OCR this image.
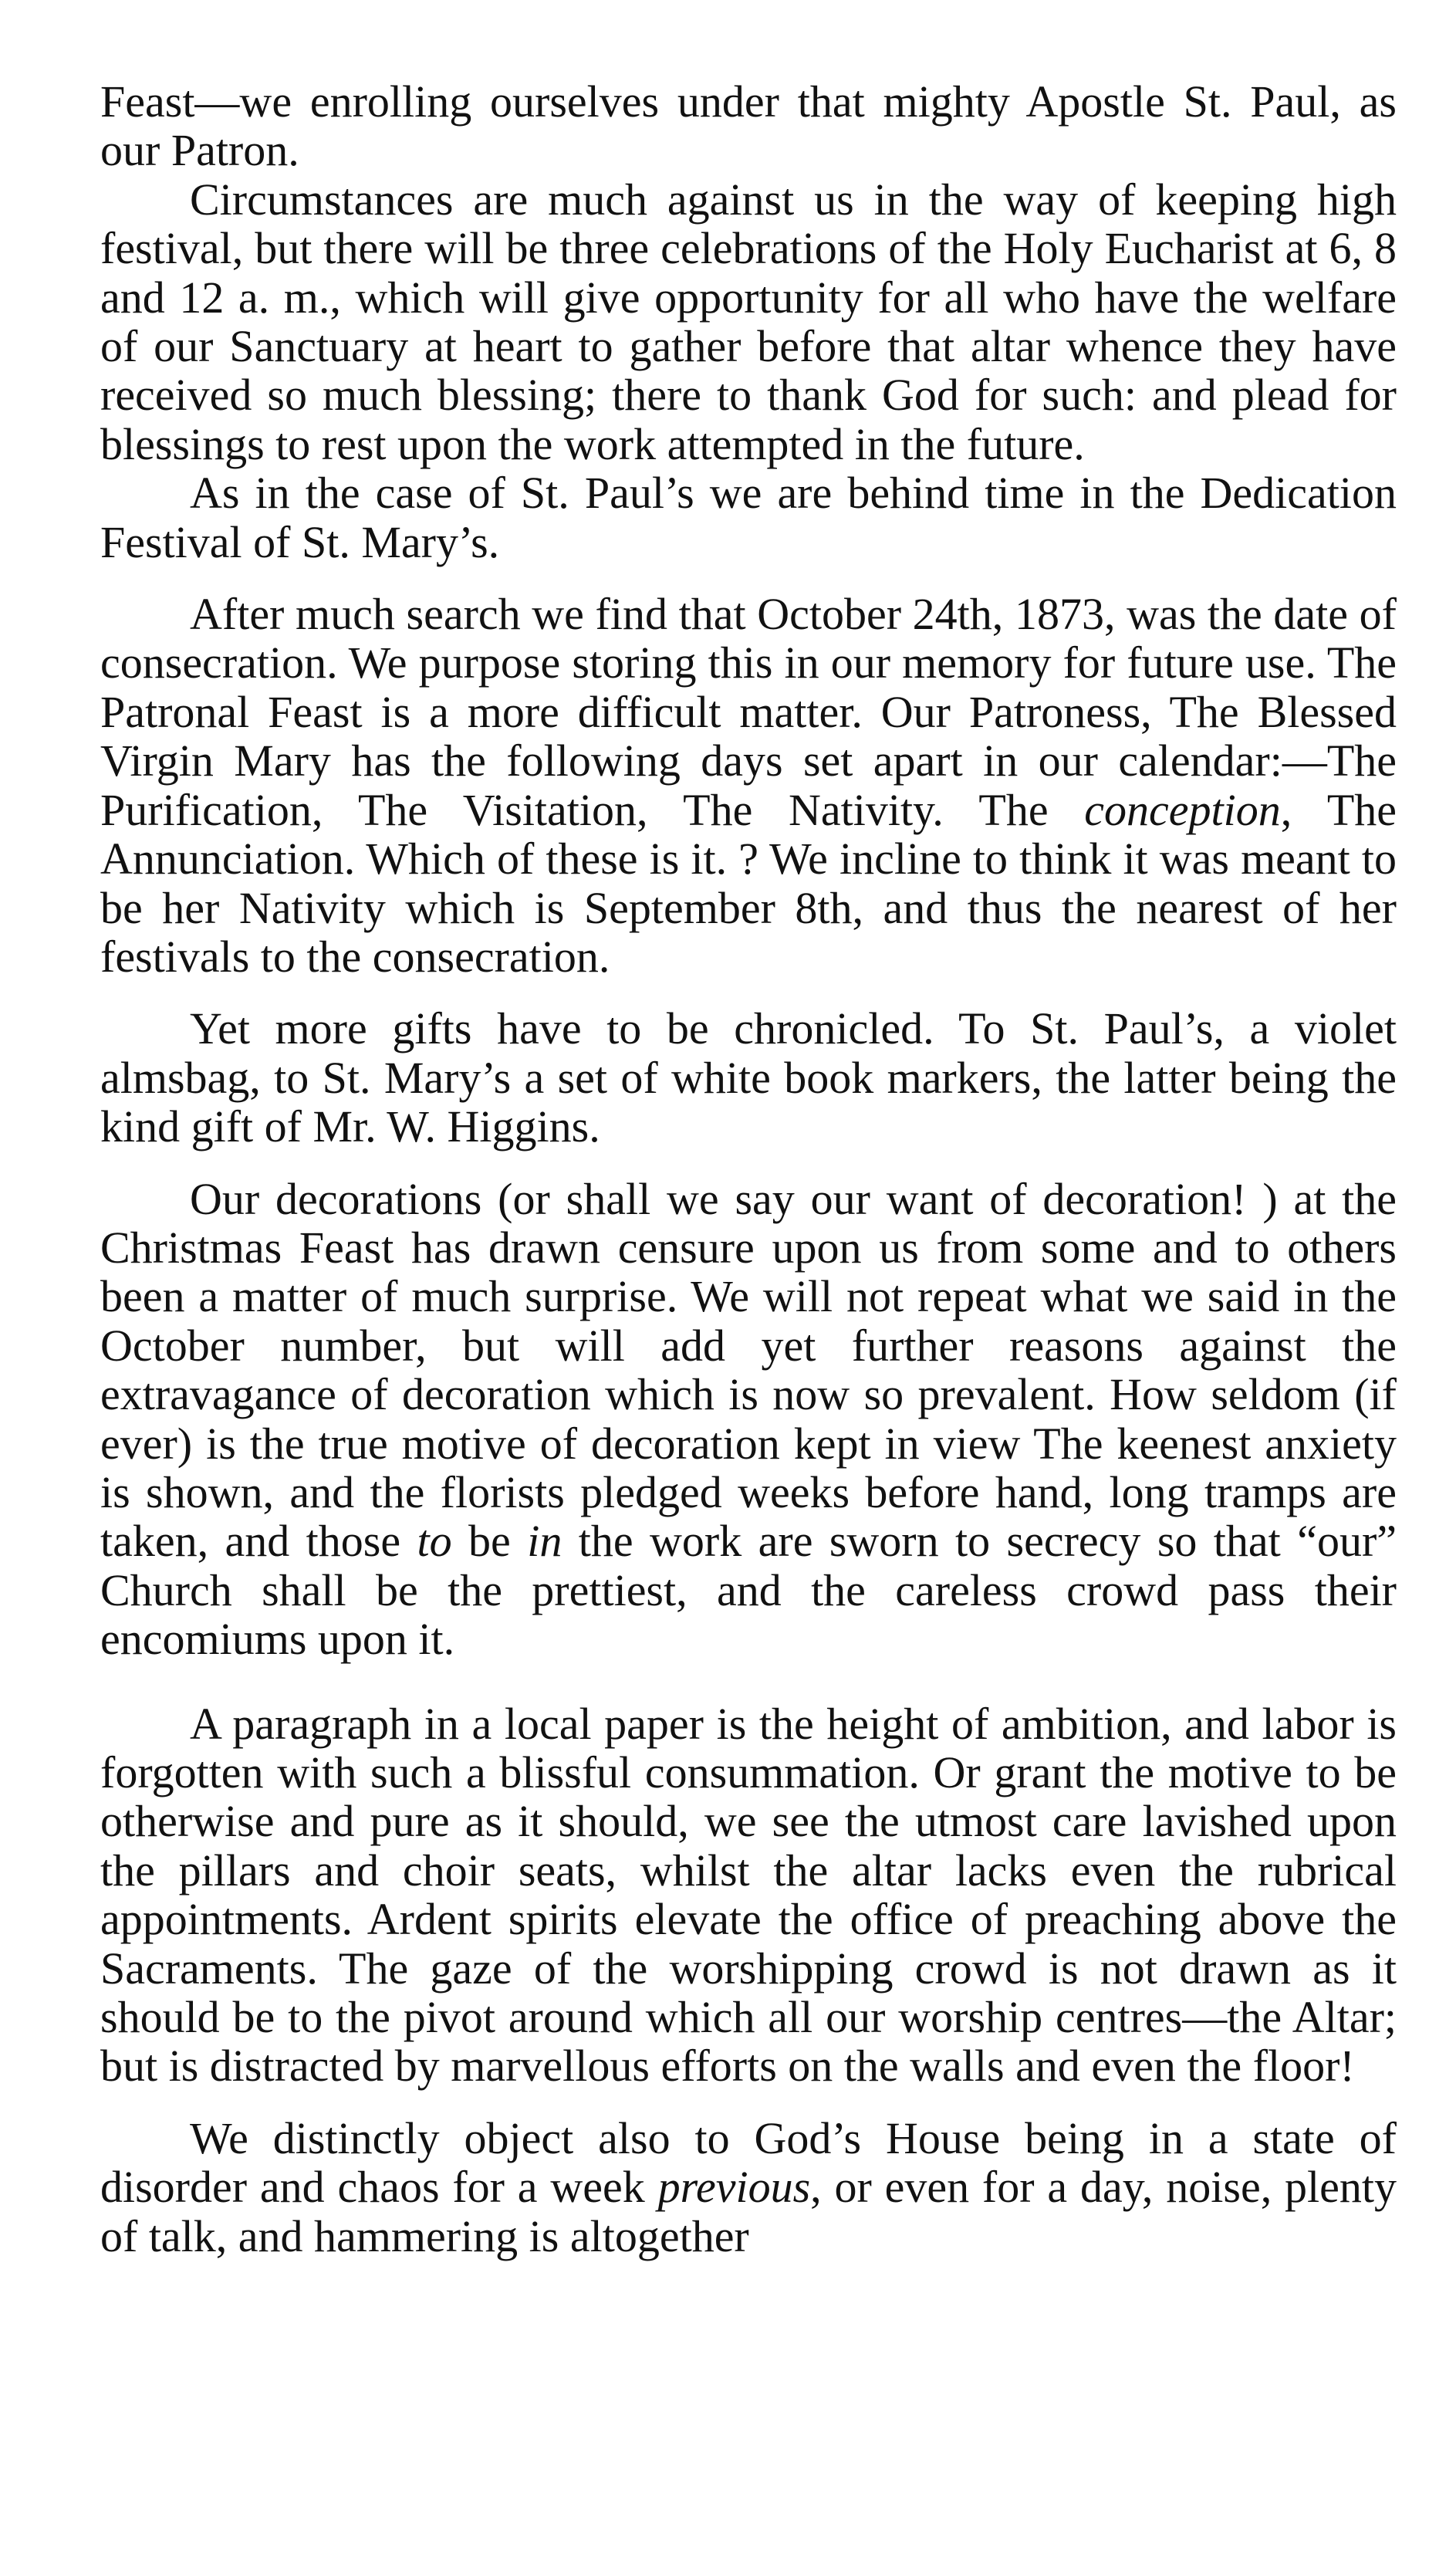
Feast—we enrolling ourselves under that mighty Apostle St. Paul, as our Patron.

Circumstances are much against us in the way of keeping high festival, but there will be three celebrations of the Holy Eucharist at 6, 8 and 12 a. m., which will give opportunity for all who have the welfare of our Sanctuary at heart to gather before that altar whence they have received so much blessing; there to thank God for such: and plead for blessings to rest upon the work attempted in the future.

As in the case of St. Paul’s we are behind time in the Dedication Festival of St. Mary’s.

After much search we find that October 24th, 1873, was the date of consecration. We purpose storing this in our memory for future use. The Patronal Feast is a more difficult matter. Our Patroness, The Blessed Virgin Mary has the following days set apart in our calendar:—The Purification, The Visitation, The Nativity. The conception, The Annunciation. Which of these is it. ? We incline to think it was meant to be her Nativity which is September 8th, and thus the nearest of her festivals to the consecration.

Yet more gifts have to be chronicled. To St. Paul’s, a violet almsbag, to St. Mary’s a set of white book markers, the latter being the kind gift of Mr. W. Higgins.

Our decorations (or shall we say our want of decoration! ) at the Christmas Feast has drawn censure upon us from some and to others been a matter of much surprise. We will not repeat what we said in the October number, but will add yet further reasons against the extravagance of decoration which is now so prevalent. How seldom (if ever) is the true motive of decoration kept in view The keenest anxiety is shown, and the florists pledged weeks before hand, long tramps are taken, and those to be in the work are sworn to secrecy so that “our” Church shall be the prettiest, and the careless crowd pass their encomiums upon it.

A paragraph in a local paper is the height of ambition, and labor is forgotten with such a blissful consummation. Or grant the motive to be otherwise and pure as it should, we see the utmost care lavished upon the pillars and choir seats, whilst the altar lacks even the rubrical appointments. Ardent spirits elevate the office of preaching above the Sacraments. The gaze of the worshipping crowd is not drawn as it should be to the pivot around which all our worship centres—the Altar; but is distracted by marvellous efforts on the walls and even the floor!

We distinctly object also to God’s House being in a state of disorder and chaos for a week previous, or even for a day, noise, plenty of talk, and hammering is altogether
